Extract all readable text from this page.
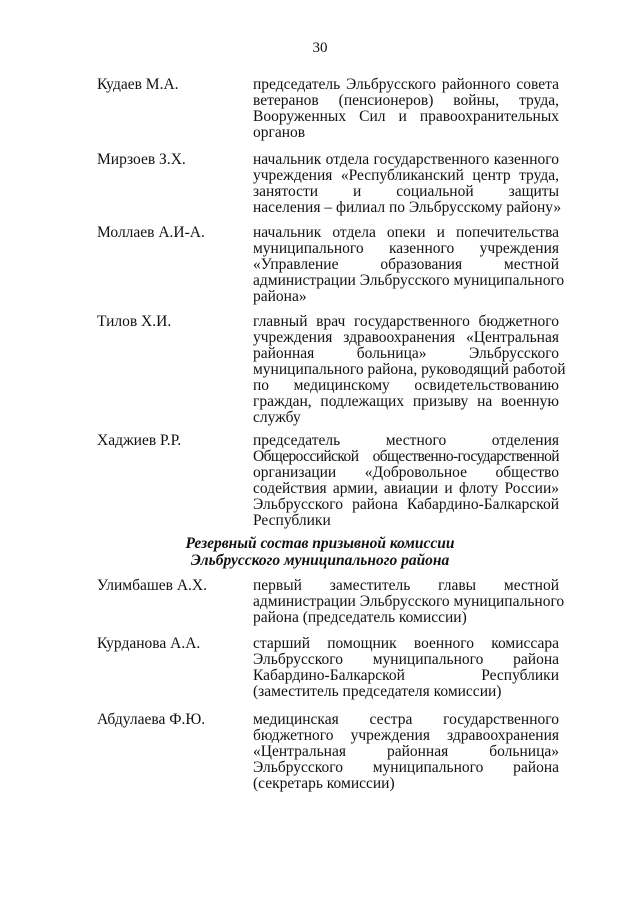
30
Кудаев М.А.	председатель Эльбрусского районного совета
ветеранов (пенсионеров) войны, труда,
Вооруженных Сил и правоохранительных
органов
Мирзоев З.Х.	начальник отдела государственного казенного
учреждения «Республиканский центр труда,
занятости и социальной защиты
населения – филиал по Эльбрусскому району»
Моллаев А.И-А.	начальник отдела опеки и попечительства
муниципального казенного учреждения
«Управление образования местной
администрации Эльбрусского муниципального
района»
Тилов Х.И.	главный врач государственного бюджетного
учреждения здравоохранения «Центральная
районная больница» Эльбрусского
муниципального района, руководящий работой
по медицинскому освидетельствованию
граждан, подлежащих призыву на военную
службу
Хаджиев Р.Р.	председатель местного отделения
Общероссийской общественно-государственной
организации «Добровольное общество
содействия армии, авиации и флоту России»
Эльбрусского района Кабардино-Балкарской
Республики
Резервный состав призывной комиссии
Эльбрусского муниципального района
Улимбашев А.Х.	первый заместитель главы местной
администрации Эльбрусского муниципального
района (председатель комиссии)
Курданова А.А.	старший помощник военного комиссара
Эльбрусского муниципального района
Кабардино-Балкарской Республики
(заместитель председателя комиссии)
Абдулаева Ф.Ю.	медицинская сестра государственного
бюджетного учреждения здравоохранения
«Центральная районная больница»
Эльбрусского муниципального района
(секретарь комиссии)
